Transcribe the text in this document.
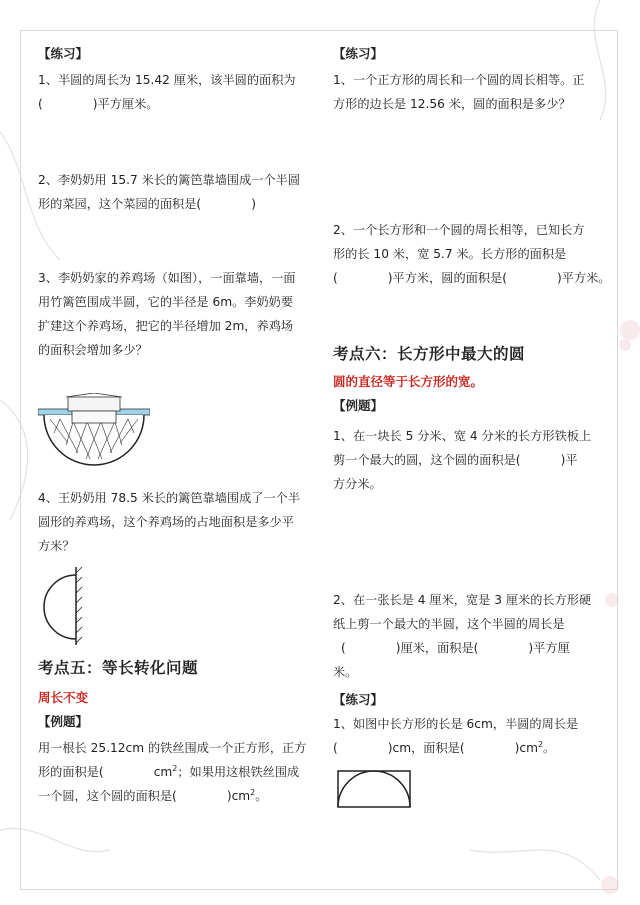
【练习】

1、半圆的周长为 15.42 厘米，该半圆的面积为

(	)平方厘米。

2、李奶奶用 15.7 米长的篱笆靠墙围成一个半圆

形的菜园，这个菜园的面积是(	)

3、李奶奶家的养鸡场（如图），一面靠墙，一面

用竹篱笆围成半圆，它的半径是 6m。李奶奶要

扩建这个养鸡场，把它的半径增加 2m，养鸡场

的面积会增加多少？

4、王奶奶用 78.5 米长的篱笆靠墙围成了一个半

圆形的养鸡场，这个养鸡场的占地面积是多少平

方米？

考点五：等长转化问题

周长不变

【例题】

用一根长 25.12cm 的铁丝围成一个正方形，正方

形的面积是(	$cm^2$；如果用这根铁丝围成

一个圆，这个圆的面积是(	)$cm^2$。

【练习】

1、一个正方形的周长和一个圆的周长相等。正

方形的边长是 12.56 米，圆的面积是多少？

2、一个长方形和一个圆的周长相等，已知长方

形的长 10 米，宽 5.7 米。长方形的面积是

(	)平方米，圆的面积是(	)平方米。

考点六：长方形中最大的圆

圆的直径等于长方形的宽。

【例题】

1、在一块长 5 分米、宽 4 分米的长方形铁板上

剪一个最大的圆，这个圆的面积是(	)平

方分米。

2、在一张长是 4 厘米，宽是 3 厘米的长方形硬

纸上剪一个最大的半圆，这个半圆的周长是

(	)厘米，面积是(	)平方厘

米。

【练习】

1、如图中长方形的长是 6cm，半圆的周长是

(	)cm，面积是(	)$cm^2$。
